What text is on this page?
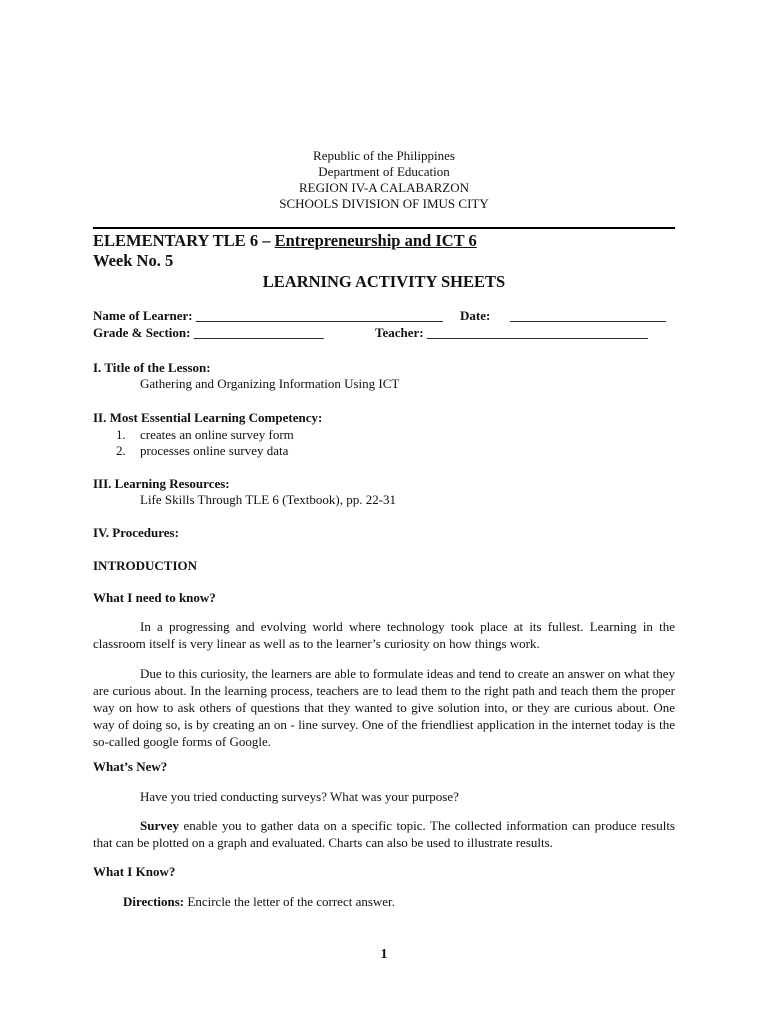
Republic of the Philippines
Department of Education
REGION IV-A CALABARZON
SCHOOLS DIVISION OF IMUS CITY
ELEMENTARY TLE 6 – Entrepreneurship and ICT 6
Week No. 5
LEARNING ACTIVITY SHEETS
Name of Learner: ______________________________________ Date: ________________________
Grade & Section: ____________________	Teacher: __________________________________
I. Title of the Lesson:
Gathering and Organizing Information Using ICT
II. Most Essential Learning Competency:
1. creates an online survey form
2. processes online survey data
III. Learning Resources:
Life Skills Through TLE 6 (Textbook), pp. 22-31
IV. Procedures:
INTRODUCTION
What I need to know?
In a progressing and evolving world where technology took place at its fullest. Learning in the classroom itself is very linear as well as to the learner’s curiosity on how things work.
Due to this curiosity, the learners are able to formulate ideas and tend to create an answer on what they are curious about. In the learning process, teachers are to lead them to the right path and teach them the proper way on how to ask others of questions that they wanted to give solution into, or they are curious about. One way of doing so, is by creating an on - line survey. One of the friendliest application in the internet today is the so-called google forms of Google.
What’s New?
Have you tried conducting surveys? What was your purpose?
Survey enable you to gather data on a specific topic. The collected information can produce results that can be plotted on a graph and evaluated. Charts can also be used to illustrate results.
What I Know?
Directions: Encircle the letter of the correct answer.
1
